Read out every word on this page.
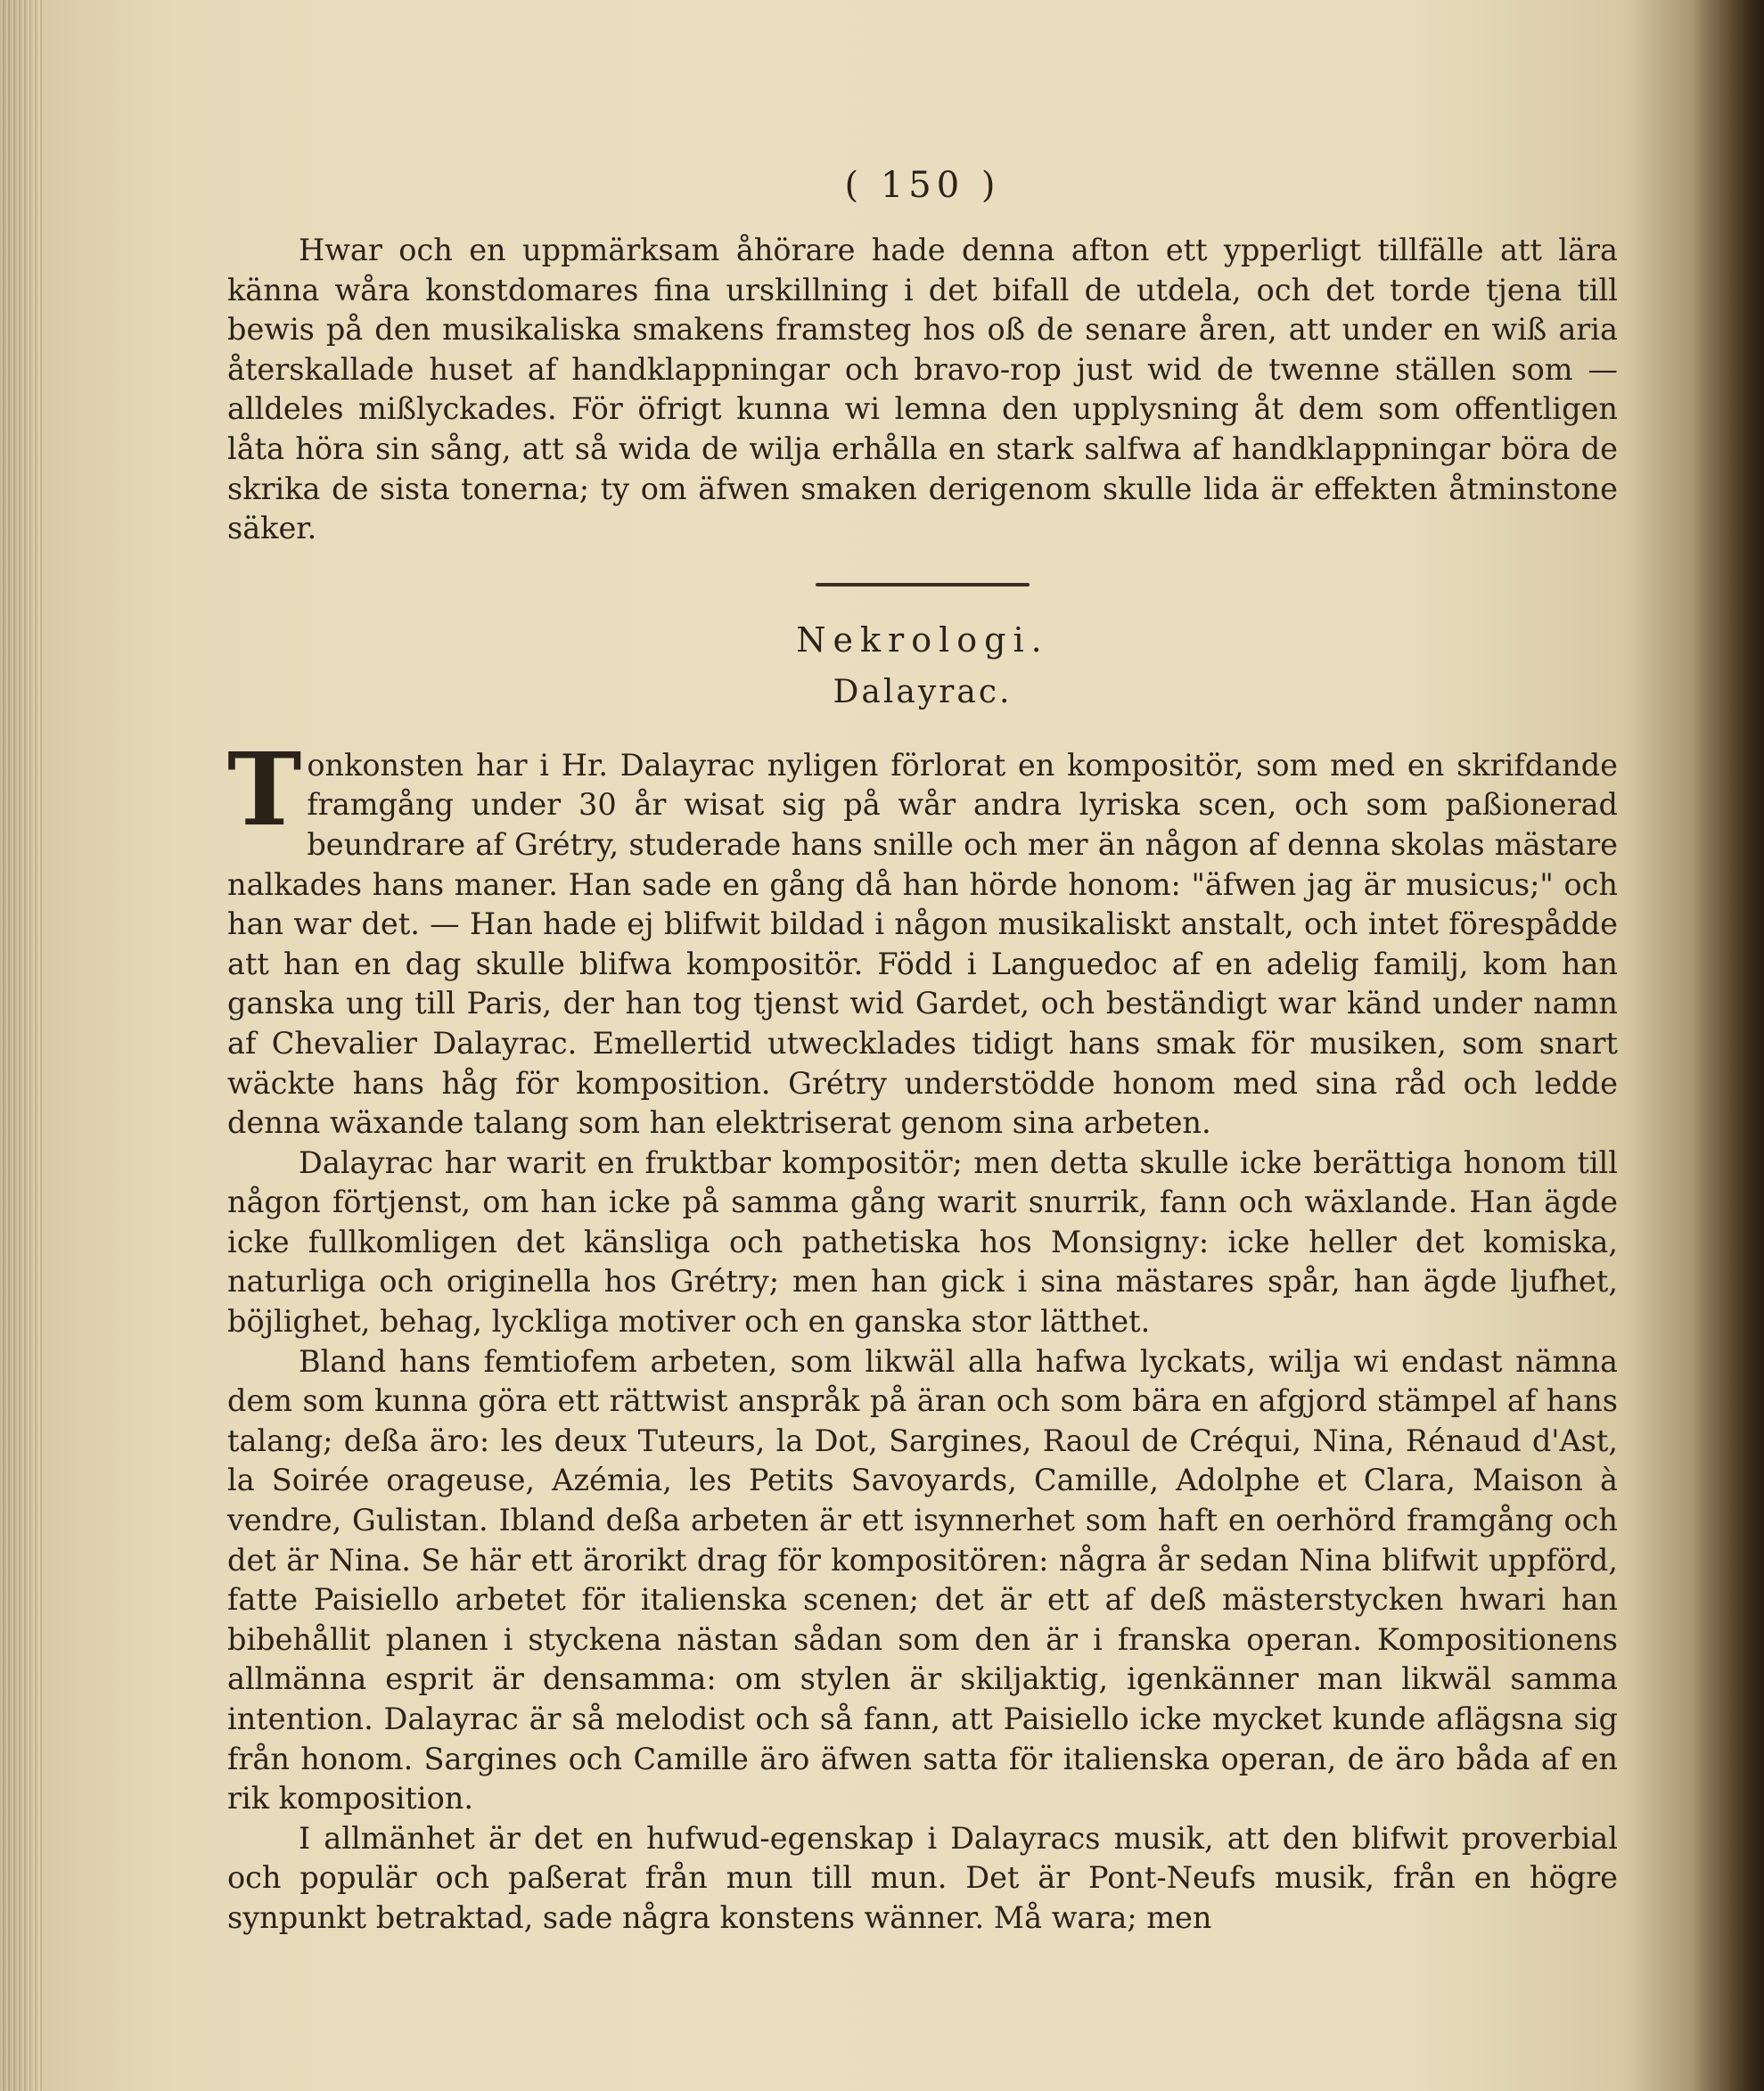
( 150 )

Hwar och en uppmärksam åhörare hade denna afton ett ypperligt tillfälle att lära känna wåra konstdomares fina urskillning i det bifall de utdela, och det torde tjena till bewis på den musikaliska smakens framsteg hos oß de senare åren, att under en wiß aria återskallade huset af handklappningar och bravo-rop just wid de twenne ställen som — alldeles mißlyckades. För öfrigt kunna wi lemna den upplysning åt dem som offentligen låta höra sin sång, att så wida de wilja erhålla en stark salfwa af handklappningar böra de skrika de sista tonerna; ty om äfwen smaken derigenom skulle lida är effekten åtminstone säker.

Nekrologi.
Dalayrac.

Tonkonsten har i Hr. Dalayrac nyligen förlorat en kompositör, som med en skrifdande framgång under 30 år wisat sig på wår andra lyriska scen, och som paßionerad beundrare af Grétry, studerade hans snille och mer än någon af denna skolas mästare nalkades hans maner. Han sade en gång då han hörde honom: "äfwen jag är musicus;" och han war det. — Han hade ej blifwit bildad i någon musikaliskt anstalt, och intet förespådde att han en dag skulle blifwa kompositör. Född i Languedoc af en adelig familj, kom han ganska ung till Paris, der han tog tjenst wid Gardet, och beständigt war känd under namn af Chevalier Dalayrac. Emellertid utwecklades tidigt hans smak för musiken, som snart wäckte hans håg för komposition. Grétry understödde honom med sina råd och ledde denna wäxande talang som han elektriserat genom sina arbeten.

Dalayrac har warit en fruktbar kompositör; men detta skulle icke berättiga honom till någon förtjenst, om han icke på samma gång warit snurrik, fann och wäxlande. Han ägde icke fullkomligen det känsliga och pathetiska hos Monsigny: icke heller det komiska, naturliga och originella hos Grétry; men han gick i sina mästares spår, han ägde ljufhet, böjlighet, behag, lyckliga motiver och en ganska stor lätthet.

Bland hans femtiofem arbeten, som likwäl alla hafwa lyckats, wilja wi endast nämna dem som kunna göra ett rättwist anspråk på äran och som bära en afgjord stämpel af hans talang; deßa äro: les deux Tuteurs, la Dot, Sargines, Raoul de Créqui, Nina, Rénaud d'Ast, la Soirée orageuse, Azémia, les Petits Savoyards, Camille, Adolphe et Clara, Maison à vendre, Gulistan. Ibland deßa arbeten är ett isynnerhet som haft en oerhörd framgång och det är Nina. Se här ett ärorikt drag för kompositören: några år sedan Nina blifwit uppförd, fatte Paisiello arbetet för italienska scenen; det är ett af deß mästerstycken hwari han bibehållit planen i styckena nästan sådan som den är i franska operan. Kompositionens allmänna esprit är densamma: om stylen är skiljaktig, igenkänner man likwäl samma intention. Dalayrac är så melodist och så fann, att Paisiello icke mycket kunde aflägsna sig från honom. Sargines och Camille äro äfwen satta för italienska operan, de äro båda af en rik komposition.

I allmänhet är det en hufwud-egenskap i Dalayracs musik, att den blifwit proverbial och populär och paßerat från mun till mun. Det är Pont-Neufs musik, från en högre synpunkt betraktad, sade några konstens wänner. Må wara; men
